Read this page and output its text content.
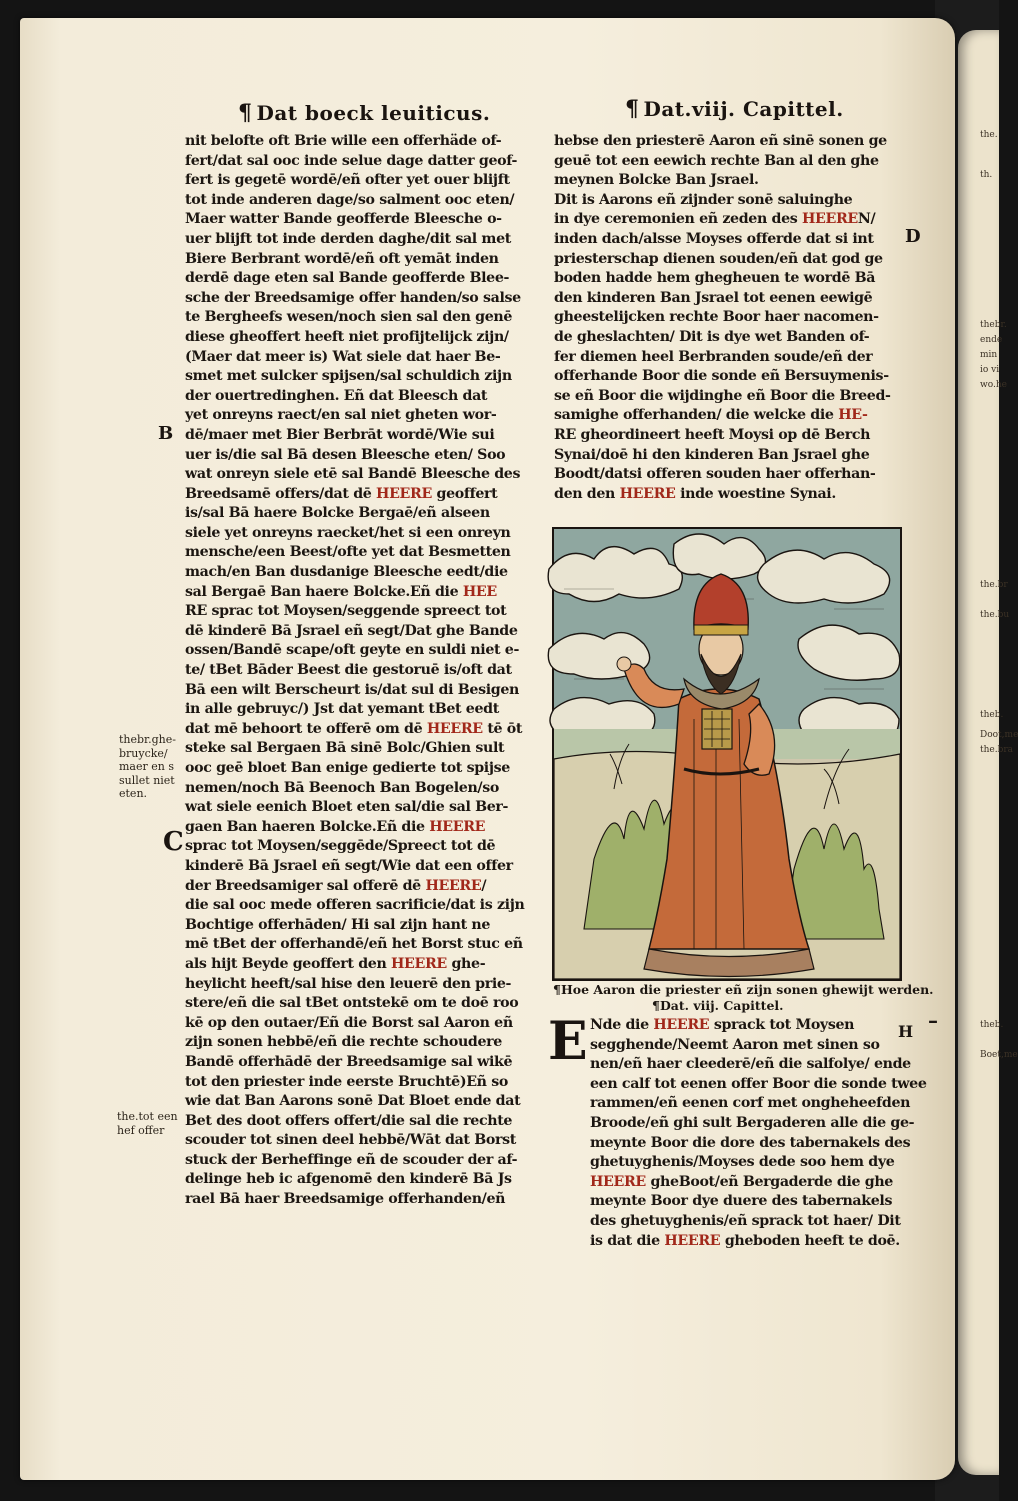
the.
th.
thebr.
ende
min
io vi
wo.he
the.br
the.bu
theb.
Doot,me
the.bra
theb.
Boet,me
¶ Dat boeck leuiticus.	¶ Dat.viij. Capittel.
nit belofte oft Brie wille een offerhäde of-
fert/dat sal ooc inde selue dage datter geof-
fert is gegetē wordē/eñ ofter yet ouer blijft
tot inde anderen dage/so salment ooc eten/
Maer watter Bande geofferde Bleesche o-
uer blijft tot inde derden daghe/dit sal met
Biere Berbrant wordē/eñ oft yemāt inden
derdē dage eten sal Bande geofferde Blee-
sche der Breedsamige offer handen/so salse
te Bergheefs wesen/noch sien sal den genē
diese gheoffert heeft niet profijtelijck zijn/
(Maer dat meer is) Wat siele dat haer Be-
smet met sulcker spijsen/sal schuldich zijn
der ouertredinghen. Eñ dat Bleesch dat
yet onreyns raect/en sal niet gheten wor-
dē/maer met Bier Berbrāt wordē/Wie sui
uer is/die sal Bā desen Bleesche eten/ Soo
wat onreyn siele etē sal Bandē Bleesche des
Breedsamē offers/dat dē HEERE geoffert
is/sal Bā haere Bolcke Bergaē/eñ alseen
siele yet onreyns raecket/het si een onreyn
mensche/een Beest/ofte yet dat Besmetten
mach/en Ban dusdanige Bleesche eedt/die
sal Bergaē Ban haere Bolcke.Eñ die HEE
RE sprac tot Moysen/seggende spreect tot
dē kinderē Bā Jsrael eñ segt/Dat ghe Bande
ossen/Bandē scape/oft geyte en suldi niet e-
te/ tBet Bāder Beest die gestoruē is/oft dat
Bā een wilt Berscheurt is/dat sul di Besigen
in alle gebruyc/) Jst dat yemant tBet eedt
dat mē behoort te offerē om dē HEERE tē ōt
steke sal Bergaen Bā sinē Bolc/Ghien sult
ooc geē bloet Ban enige gedierte tot spijse
nemen/noch Bā Beenoch Ban Bogelen/so
wat siele eenich Bloet eten sal/die sal Ber-
gaen Ban haeren Bolcke.Eñ die HEERE
sprac tot Moysen/seggēde/Spreect tot dē
kinderē Bā Jsrael eñ segt/Wie dat een offer
der Breedsamiger sal offerē dē HEERE/
die sal ooc mede offeren sacrificie/dat is zijn
Bochtige offerhāden/ Hi sal zijn hant ne
mē tBet der offerhandē/eñ het Borst stuc eñ
als hijt Beyde geoffert den HEERE ghe-
heylicht heeft/sal hise den leuerē den prie-
stere/eñ die sal tBet ontstekē om te doē roo
kē op den outaer/Eñ die Borst sal Aaron eñ
zijn sonen hebbē/eñ die rechte schoudere
Bandē offerhādē der Breedsamige sal wikē
tot den priester inde eerste Bruchtē)Eñ so
wie dat Ban Aarons sonē Dat Bloet ende dat
Bet des doot offers offert/die sal die rechte
scouder tot sinen deel hebbē/Wāt dat Borst
stuck der Berheffinge eñ de scouder der af-
delinge heb ic afgenomē den kinderē Bā Js
rael Bā haer Breedsamige offerhanden/eñ
hebse den priesterē Aaron eñ sinē sonen ge
geuē tot een eewich rechte Ban al den ghe
meynen Bolcke Ban Jsrael.
Dit is Aarons eñ zijnder sonē saluinghe
in dye ceremonien eñ zeden des HEEREN/
inden dach/alsse Moyses offerde dat si int
priesterschap dienen souden/eñ dat god ge
boden hadde hem ghegheuen te wordē Bā
den kinderen Ban Jsrael tot eenen eewigē
gheestelijcken rechte Boor haer nacomen-
de gheslachten/ Dit is dye wet Banden of-
fer diemen heel Berbranden soude/eñ der
offerhande Boor die sonde eñ Bersuymenis-
se eñ Boor die wijdinghe eñ Boor die Breed-
samighe offerhanden/ die welcke die HE-
RE gheordineert heeft Moysi op dē Berch
Synai/doē hi den kinderen Ban Jsrael ghe
Boodt/datsi offeren souden haer offerhan-
den den HEERE inde woestine Synai.
B
C
D
H –
thebr.ghe-
bruycke/
maer en s
sullet niet
eten.
the.tot een
hef offer
¶Hoe Aaron die priester eñ zijn sonen ghewijt werden.
¶Dat. viij. Capittel.
E Nde die HEERE sprack tot Moysen
segghende/Neemt Aaron met sinen so
nen/eñ haer cleederē/eñ die salfolye/ ende
een calf tot eenen offer Boor die sonde twee
rammen/eñ eenen corf met ongheheefden
Broode/eñ ghi sult Bergaderen alle die ge-
meynte Boor die dore des tabernakels des
ghetuyghenis/Moyses dede soo hem dye
HEERE gheBoot/eñ Bergaderde die ghe
meynte Boor dye duere des tabernakels
des ghetuyghenis/eñ sprack tot haer/ Dit
is dat die HEERE gheboden heeft te doē.
